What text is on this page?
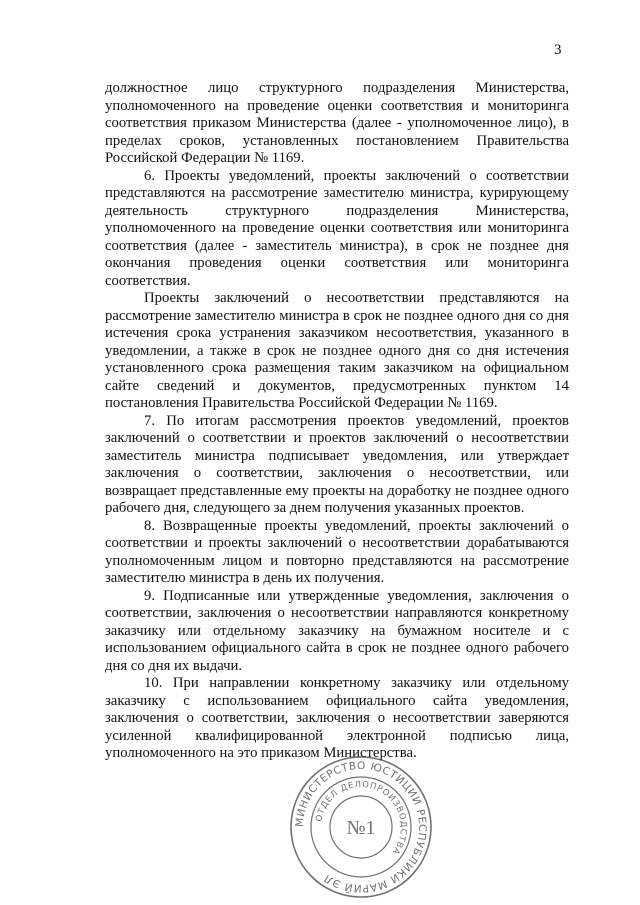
3

должностное лицо структурного подразделения Министерства, уполномоченного на проведение оценки соответствия и мониторинга соответствия приказом Министерства (далее - уполномоченное лицо), в пределах сроков, установленных постановлением Правительства Российской Федерации № 1169.

6. Проекты уведомлений, проекты заключений о соответствии представляются на рассмотрение заместителю министра, курирующему деятельность структурного подразделения Министерства, уполномоченного на проведение оценки соответствия или мониторинга соответствия (далее - заместитель министра), в срок не позднее дня окончания проведения оценки соответствия или мониторинга соответствия.

Проекты заключений о несоответствии представляются на рассмотрение заместителю министра в срок не позднее одного дня со дня истечения срока устранения заказчиком несоответствия, указанного в уведомлении, а также в срок не позднее одного дня со дня истечения установленного срока размещения таким заказчиком на официальном сайте сведений и документов, предусмотренных пунктом 14 постановления Правительства Российской Федерации № 1169.

7. По итогам рассмотрения проектов уведомлений, проектов заключений о соответствии и проектов заключений о несоответствии заместитель министра подписывает уведомления, или утверждает заключения о соответствии, заключения о несоответствии, или возвращает представленные ему проекты на доработку не позднее одного рабочего дня, следующего за днем получения указанных проектов.

8. Возвращенные проекты уведомлений, проекты заключений о соответствии и проекты заключений о несоответствии дорабатываются уполномоченным лицом и повторно представляются на рассмотрение заместителю министра в день их получения.

9. Подписанные или утвержденные уведомления, заключения о соответствии, заключения о несоответствии направляются конкретному заказчику или отдельному заказчику на бумажном носителе и с использованием официального сайта в срок не позднее одного рабочего дня со дня их выдачи.

10. При направлении конкретному заказчику или отдельному заказчику с использованием официального сайта уведомления, заключения о соответствии, заключения о несоответствии заверяются усиленной квалифицированной электронной подписью лица, уполномоченного на это приказом Министерства.

МИНИСТЕРСТВО ЮСТИЦИИ РЕСПУБЛИКИ МАРИЙ ЭЛ
ОТДЕЛ ДЕЛОПРОИЗВОДСТВА
№1
